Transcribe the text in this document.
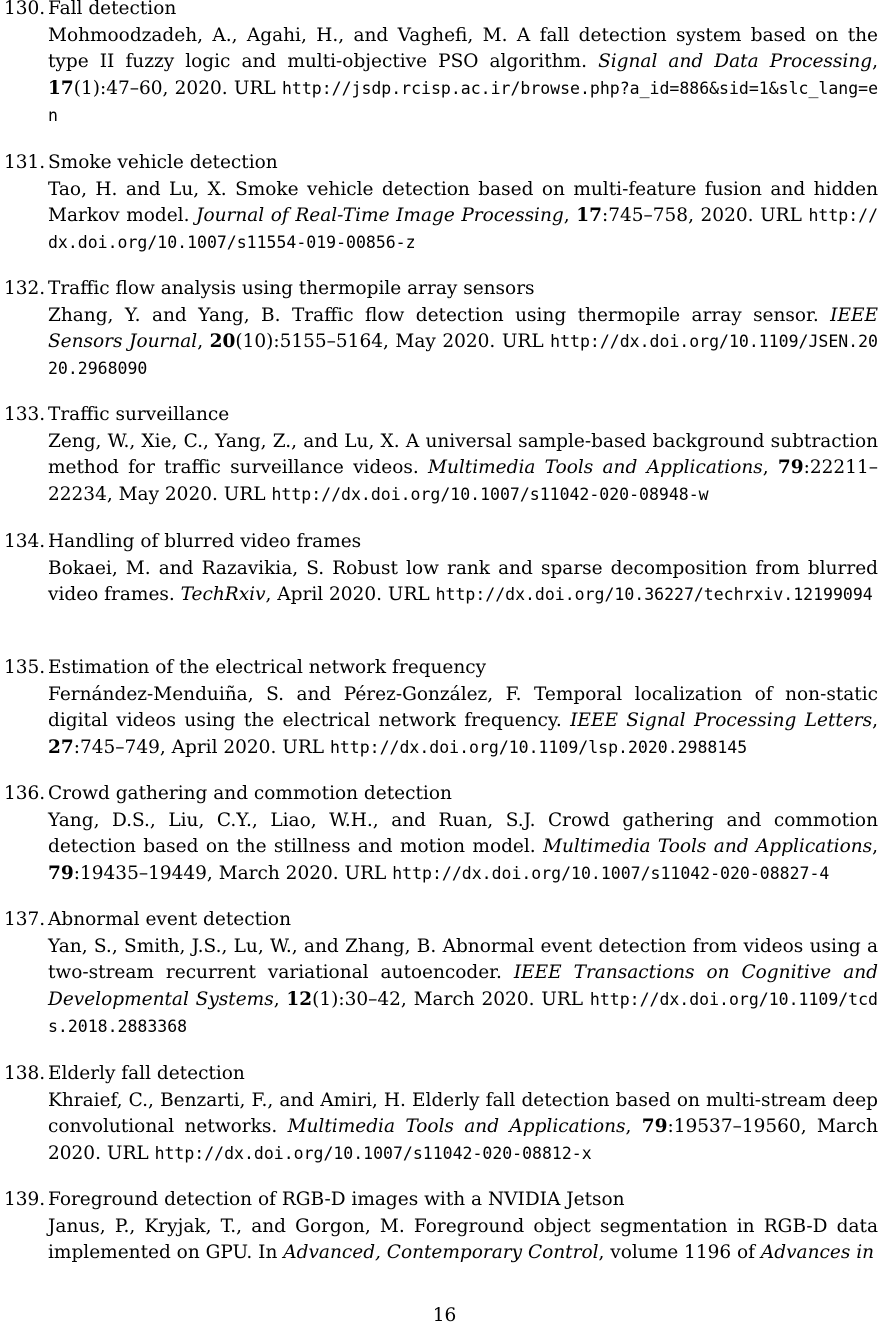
130. Fall detection
Mohmoodzadeh, A., Agahi, H., and Vaghefi, M. A fall detection system based on the type II fuzzy logic and multi-objective PSO algorithm. Signal and Data Processing, 17(1):47–60, 2020. URL http://jsdp.rcisp.ac.ir/browse.php?a_id=886&sid=1&slc_lang=en
131. Smoke vehicle detection
Tao, H. and Lu, X. Smoke vehicle detection based on multi-feature fusion and hidden Markov model. Journal of Real-Time Image Processing, 17:745–758, 2020. URL http://dx.doi.org/10.1007/s11554-019-00856-z
132. Traffic flow analysis using thermopile array sensors
Zhang, Y. and Yang, B. Traffic flow detection using thermopile array sensor. IEEE Sensors Journal, 20(10):5155–5164, May 2020. URL http://dx.doi.org/10.1109/JSEN.2020.2968090
133. Traffic surveillance
Zeng, W., Xie, C., Yang, Z., and Lu, X. A universal sample-based background subtraction method for traffic surveillance videos. Multimedia Tools and Applications, 79:22211–22234, May 2020. URL http://dx.doi.org/10.1007/s11042-020-08948-w
134. Handling of blurred video frames
Bokaei, M. and Razavikia, S. Robust low rank and sparse decomposition from blurred video frames. TechRxiv, April 2020. URL http://dx.doi.org/10.36227/techrxiv.12199094
135. Estimation of the electrical network frequency
Fernández-Menduiña, S. and Pérez-González, F. Temporal localization of non-static digital videos using the electrical network frequency. IEEE Signal Processing Letters, 27:745–749, April 2020. URL http://dx.doi.org/10.1109/lsp.2020.2988145
136. Crowd gathering and commotion detection
Yang, D.S., Liu, C.Y., Liao, W.H., and Ruan, S.J. Crowd gathering and commotion detection based on the stillness and motion model. Multimedia Tools and Applications, 79:19435–19449, March 2020. URL http://dx.doi.org/10.1007/s11042-020-08827-4
137. Abnormal event detection
Yan, S., Smith, J.S., Lu, W., and Zhang, B. Abnormal event detection from videos using a two-stream recurrent variational autoencoder. IEEE Transactions on Cognitive and Developmental Systems, 12(1):30–42, March 2020. URL http://dx.doi.org/10.1109/tcds.2018.2883368
138. Elderly fall detection
Khraief, C., Benzarti, F., and Amiri, H. Elderly fall detection based on multi-stream deep convolutional networks. Multimedia Tools and Applications, 79:19537–19560, March 2020. URL http://dx.doi.org/10.1007/s11042-020-08812-x
139. Foreground detection of RGB-D images with a NVIDIA Jetson
Janus, P., Kryjak, T., and Gorgon, M. Foreground object segmentation in RGB-D data implemented on GPU. In Advanced, Contemporary Control, volume 1196 of Advances in
16
